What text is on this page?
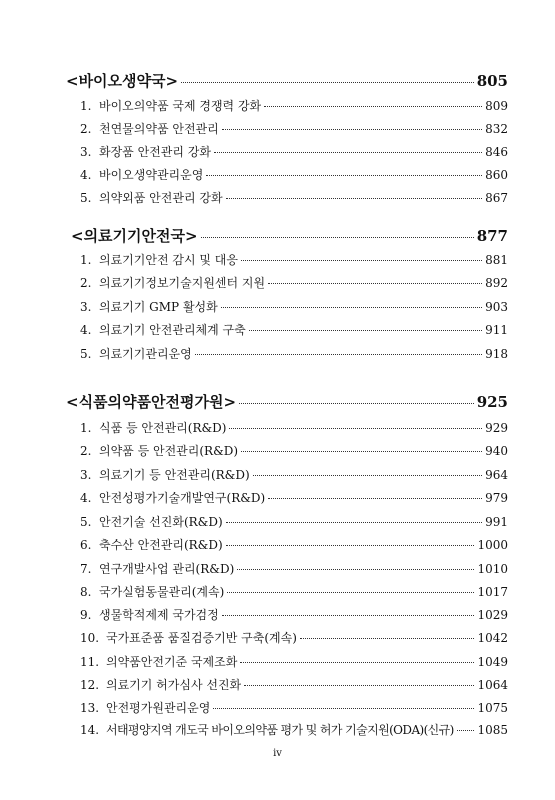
<바이오생약국>	805
1. 바이오의약품 국제 경쟁력 강화	809
2. 천연물의약품 안전관리	832
3. 화장품 안전관리 강화	846
4. 바이오생약관리운영	860
5. 의약외품 안전관리 강화	867
<의료기기안전국>	877
1. 의료기기안전 감시 및 대응	881
2. 의료기기정보기술지원센터 지원	892
3. 의료기기 GMP 활성화	903
4. 의료기기 안전관리체계 구축	911
5. 의료기기관리운영	918
<식품의약품안전평가원>	925
1. 식품 등 안전관리(R&D)	929
2. 의약품 등 안전관리(R&D)	940
3. 의료기기 등 안전관리(R&D)	964
4. 안전성평가기술개발연구(R&D)	979
5. 안전기술 선진화(R&D)	991
6. 축수산 안전관리(R&D)	1000
7. 연구개발사업 관리(R&D)	1010
8. 국가실험동물관리(계속)	1017
9. 생물학적제제 국가검정	1029
10. 국가표준품 품질검증기반 구축(계속)	1042
11. 의약품안전기준 국제조화	1049
12. 의료기기 허가심사 선진화	1064
13. 안전평가원관리운영	1075
14. 서태평양지역 개도국 바이오의약품 평가 및 허가 기술지원(ODA)(신규) 1085
iv
